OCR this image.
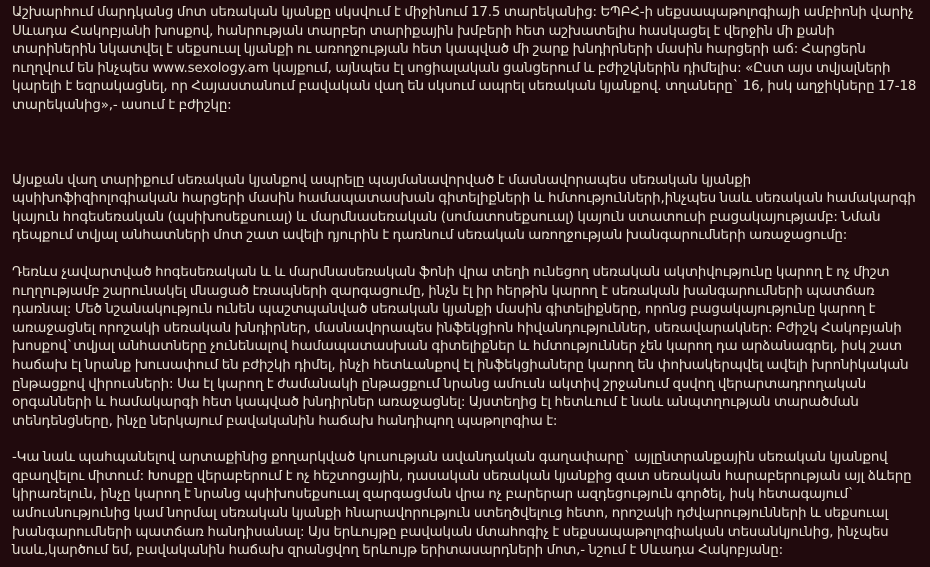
Աշխարհում մարդկանց մոտ սեռական կյանքը սկսվում է միջինում 17.5 տարեկանից: ԵՊԲՀ-ի սեքսապաթոլոգիայի ամբիոնի վարիչ Սևադա Հակոբյանի խոսքով, հանրության տարբեր տարիքային խմբերի հետ աշխատելիս հասկացել է վերջին մի քանի տարիներին նկատվել է սեքսուալ կյանքի ու առողջության հետ կապված մի շարք խնդիրների մասին հարցերի աճ: Հարցերն ուղղվում են ինչպես www.sexology.am կայքում, այնպես էլ սոցիալական ցանցերում և բժիշկներին դիմելիս: «Ըստ այս տվյալների կարելի է եզրակացնել, որ Հայաստանում բավական վաղ են սկսում ապրել սեռական կյանքով. տղաները` 16, իսկ աղջիկները 17-18 տարեկանից»,- ասում է բժիշկը:

Այսքան վաղ տարիքում սեռական կյանքով ապրելը պայմանավորված է մասնավորապես սեռական կյանքի պսիխոֆիզիոլոգիական հարցերի մասին համապատասխան գիտելիքների և հմտությունների,ինչպես նաև սեռական համակարգի կայուն հոգեսեռական (պսիխոսեքսուալ) և մարմնասեռական (սոմատոսեքսուալ) կայուն ստատուսի բացակայությամբ: Նման դեպքում տվյալ անհատների մոտ շատ ավելի դյուրին է դառնում սեռական առողջության խանգարումների առաջացումը:

Դեռևս չավարտված հոգեսեռական և և մարմնասեռական ֆոնի վրա տեղի ունեցող սեռական ակտիվությունը կարող է ոչ միշտ ուղղությամբ շարունակել մնացած էռապների զարգացումը, ինչն էլ իր հերթին կարող է սեռական խանգարումների պատճառ դառնալ: Մեծ նշանակություն ունեն պաշտպանված սեռական կյանքի մասին գիտելիքները, որոնց բացակայությունը կարող է առաջացնել որոշակի սեռական խնդիրներ, մասնավորապես ինֆեկցիոն հիվանդություններ, սեռավարակներ: Բժիշկ Հակոբյանի խոսքով`տվյալ անհատները չունենալով համապատասխան գիտելիքներ և հմտություններ չեն կարող դա արձանագրել, իսկ շատ հաճախ էլ նրանք խուսափում են բժիշկի դիմել, ինչի հետևանքով էլ ինֆեկցիաները կարող են փոխակերպվել ավելի խրոնիկական ընթացքով վիրուսների: Սա էլ կարող է ժամանակի ընթացքում նրանց ամուսն ակտիվ շրջանում զսվող վերարտադրողական օրգանների և համակարգի հետ կապված խնդիրներ առաջացնել: Այստեղից էլ հետևում է նաև անպտղության տարածման տենդենցները, ինչը ներկայում բավականին հաճախ հանդիպող պաթոլոգիա է:

-Կա նաև պահպանելով արտաքինից քողարկված կուսության ավանդական գաղափարը` այլընտրանքային սեռական կյանքով զբաղվելու միտում: Խոսքը վերաբերում է ոչ հեշտոցային, դասական սեռական կյանքից զատ սեռական հարաբերության այլ ձևերը կիրառելուն, ինչը կարող է նրանց պսիխոսեքսուալ զարգացման վրա ոչ բարերար ազդեցություն գործել, իսկ հետագայում` ամուսնությունից կամ նորմալ սեռական կյանքի հնարավորություն ստեղծվելուց հետո, որոշակի դժվարությունների և սեքսուալ խանգարումների պատճառ հանդիսանալ: Այս երևույթը բավական մտահոգիչ է սեքսապաթոլոգիական տեսանկյունից, ինչպես նաև,կարծում եմ, բավականին հաճախ զրանցվող երևույթ երիտասարդների մոտ,- նշում է Սևադա Հակոբյանը:
